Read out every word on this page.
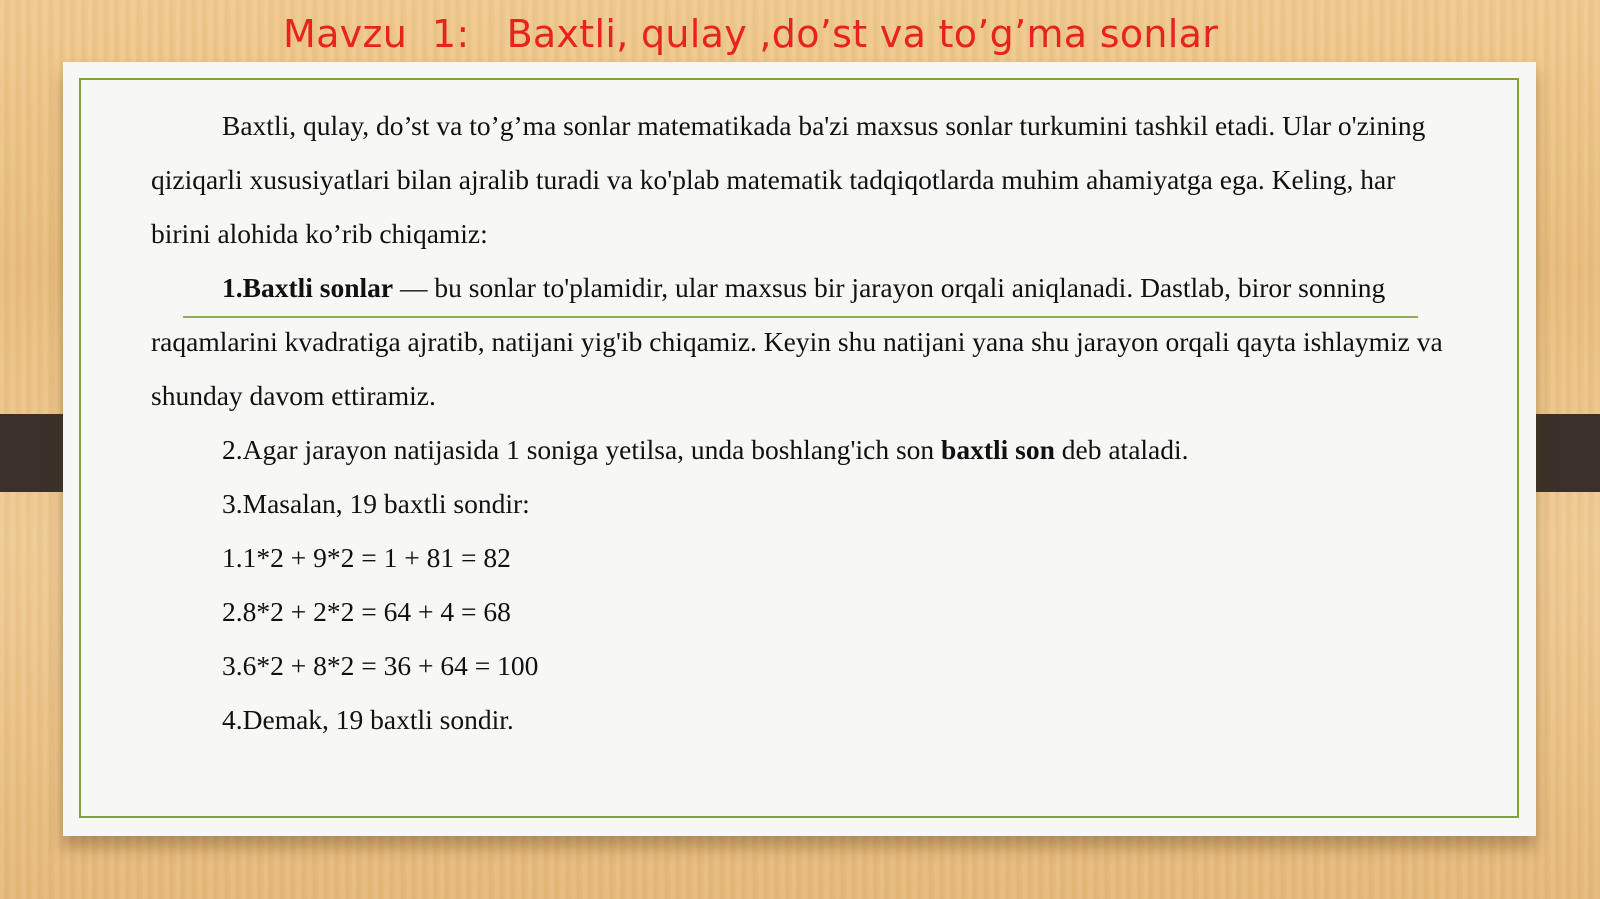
Mavzu  1:   Baxtli, qulay ,do’st va to’g’ma sonlar

Baxtli, qulay, do’st va to’g’ma sonlar matematikada ba'zi maxsus sonlar turkumini tashkil etadi. Ular o'zining

qiziqarli xususiyatlari bilan ajralib turadi va ko'plab matematik tadqiqotlarda muhim ahamiyatga ega. Keling, har

birini alohida ko’rib chiqamiz:

1.Baxtli sonlar — bu sonlar to'plamidir, ular maxsus bir jarayon orqali aniqlanadi. Dastlab, biror sonning

raqamlarini kvadratiga ajratib, natijani yig'ib chiqamiz. Keyin shu natijani yana shu jarayon orqali qayta ishlaymiz va

shunday davom ettiramiz.

2.Agar jarayon natijasida 1 soniga yetilsa, unda boshlang'ich son baxtli son deb ataladi.

3.Masalan, 19 baxtli sondir:

1.1*2 + 9*2 = 1 + 81 = 82

2.8*2 + 2*2 = 64 + 4 = 68

3.6*2 + 8*2 = 36 + 64 = 100

4.Demak, 19 baxtli sondir.
